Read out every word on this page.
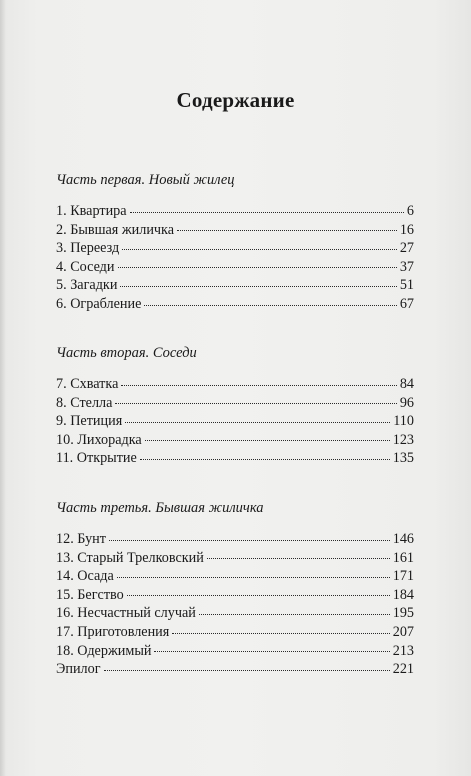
Содержание
Часть первая. Новый жилец
1. Квартира	6
2. Бывшая жиличка	16
3. Переезд	27
4. Соседи	37
5. Загадки	51
6. Ограбление	67
Часть вторая. Соседи
7. Схватка	84
8. Стелла	96
9. Петиция	110
10. Лихорадка	123
11. Открытие	135
Часть третья. Бывшая жиличка
12. Бунт	146
13. Старый Трелковский	161
14. Осада	171
15. Бегство	184
16. Несчастный случай	195
17. Приготовления	207
18. Одержимый	213
Эпилог	221
